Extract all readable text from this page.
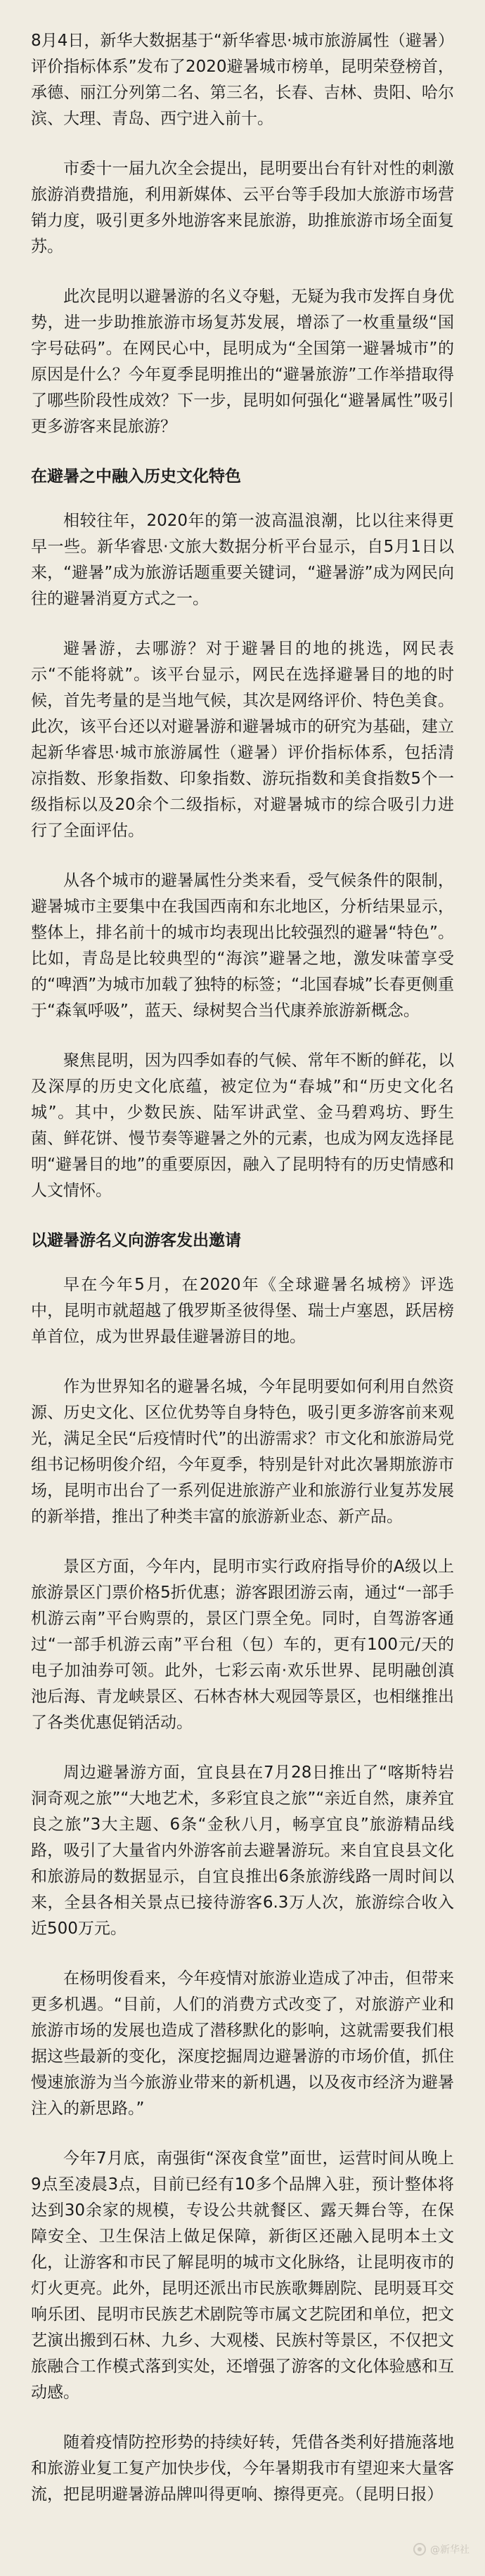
8月4日，新华大数据基于“新华睿思·城市旅游属性（避暑）评价指标体系”发布了2020避暑城市榜单，昆明荣登榜首，承德、丽江分列第二名、第三名，长春、吉林、贵阳、哈尔滨、大理、青岛、西宁进入前十。

市委十一届九次全会提出，昆明要出台有针对性的刺激旅游消费措施，利用新媒体、云平台等手段加大旅游市场营销力度，吸引更多外地游客来昆旅游，助推旅游市场全面复苏。

此次昆明以避暑游的名义夺魁，无疑为我市发挥自身优势，进一步助推旅游市场复苏发展，增添了一枚重量级“国字号砝码”。在网民心中，昆明成为“全国第一避暑城市”的原因是什么？今年夏季昆明推出的“避暑旅游”工作举措取得了哪些阶段性成效？下一步，昆明如何强化“避暑属性”吸引更多游客来昆旅游？

在避暑之中融入历史文化特色

相较往年，2020年的第一波高温浪潮，比以往来得更早一些。新华睿思·文旅大数据分析平台显示，自5月1日以来，“避暑”成为旅游话题重要关键词，“避暑游”成为网民向往的避暑消夏方式之一。

避暑游，去哪游？对于避暑目的地的挑选，网民表示“不能将就”。该平台显示，网民在选择避暑目的地的时候，首先考量的是当地气候，其次是网络评价、特色美食。此次，该平台还以对避暑游和避暑城市的研究为基础，建立起新华睿思·城市旅游属性（避暑）评价指标体系，包括清凉指数、形象指数、印象指数、游玩指数和美食指数5个一级指标以及20余个二级指标，对避暑城市的综合吸引力进行了全面评估。

从各个城市的避暑属性分类来看，受气候条件的限制，避暑城市主要集中在我国西南和东北地区，分析结果显示，整体上，排名前十的城市均表现出比较强烈的避暑“特色”。比如，青岛是比较典型的“海滨”避暑之地，激发味蕾享受的“啤酒”为城市加载了独特的标签；“北国春城”长春更侧重于“森氧呼吸”，蓝天、绿树契合当代康养旅游新概念。

聚焦昆明，因为四季如春的气候、常年不断的鲜花，以及深厚的历史文化底蕴，被定位为“春城”和“历史文化名城”。其中，少数民族、陆军讲武堂、金马碧鸡坊、野生菌、鲜花饼、慢节奏等避暑之外的元素，也成为网友选择昆明“避暑目的地”的重要原因，融入了昆明特有的历史情感和人文情怀。

以避暑游名义向游客发出邀请

早在今年5月，在2020年《全球避暑名城榜》评选中，昆明市就超越了俄罗斯圣彼得堡、瑞士卢塞恩，跃居榜单首位，成为世界最佳避暑游目的地。

作为世界知名的避暑名城，今年昆明要如何利用自然资源、历史文化、区位优势等自身特色，吸引更多游客前来观光，满足全民“后疫情时代”的出游需求？市文化和旅游局党组书记杨明俊介绍，今年夏季，特别是针对此次暑期旅游市场，昆明市出台了一系列促进旅游产业和旅游行业复苏发展的新举措，推出了种类丰富的旅游新业态、新产品。

景区方面，今年内，昆明市实行政府指导价的A级以上旅游景区门票价格5折优惠；游客跟团游云南，通过“一部手机游云南”平台购票的，景区门票全免。同时，自驾游客通过“一部手机游云南”平台租（包）车的，更有100元/天的电子加油券可领。此外，七彩云南·欢乐世界、昆明融创滇池后海、青龙峡景区、石林杏林大观园等景区，也相继推出了各类优惠促销活动。

周边避暑游方面，宜良县在7月28日推出了“喀斯特岩洞奇观之旅”“大地艺术，多彩宜良之旅”“亲近自然，康养宜良之旅”3大主题、6条“金秋八月，畅享宜良”旅游精品线路，吸引了大量省内外游客前去避暑游玩。来自宜良县文化和旅游局的数据显示，自宜良推出6条旅游线路一周时间以来，全县各相关景点已接待游客6.3万人次，旅游综合收入近500万元。

在杨明俊看来，今年疫情对旅游业造成了冲击，但带来更多机遇。“目前，人们的消费方式改变了，对旅游产业和旅游市场的发展也造成了潜移默化的影响，这就需要我们根据这些最新的变化，深度挖掘周边避暑游的市场价值，抓住慢速旅游为当今旅游业带来的新机遇，以及夜市经济为避暑注入的新思路。”

今年7月底，南强街“深夜食堂”面世，运营时间从晚上9点至凌晨3点，目前已经有10多个品牌入驻，预计整体将达到30余家的规模，专设公共就餐区、露天舞台等，在保障安全、卫生保洁上做足保障，新街区还融入昆明本土文化，让游客和市民了解昆明的城市文化脉络，让昆明夜市的灯火更亮。此外，昆明还派出市民族歌舞剧院、昆明聂耳交响乐团、昆明市民族艺术剧院等市属文艺院团和单位，把文艺演出搬到石林、九乡、大观楼、民族村等景区，不仅把文旅融合工作模式落到实处，还增强了游客的文化体验感和互动感。

随着疫情防控形势的持续好转，凭借各类利好措施落地和旅游业复工复产加快步伐，今年暑期我市有望迎来大量客流，把昆明避暑游品牌叫得更响、擦得更亮。（昆明日报）

@新华社
